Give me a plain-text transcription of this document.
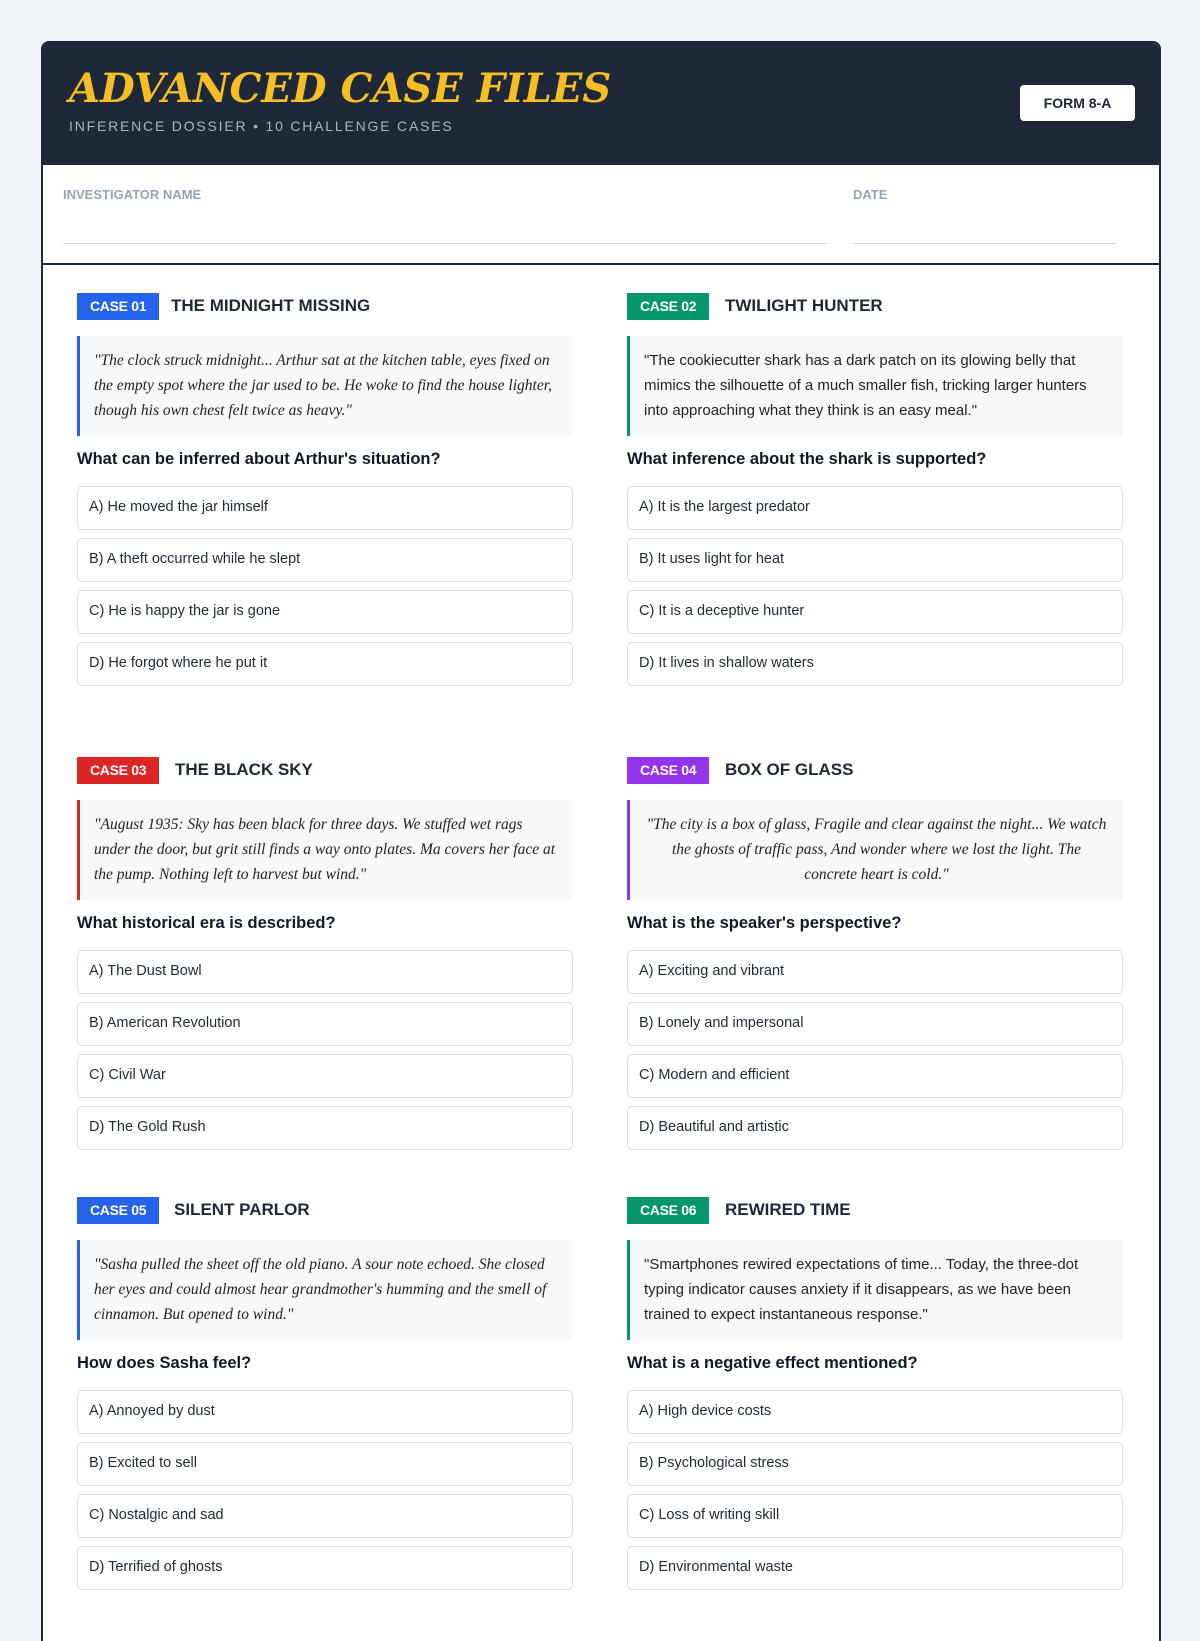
ADVANCED CASE FILES
INFERENCE DOSSIER • 10 CHALLENGE CASES
FORM 8-A
INVESTIGATOR NAME	DATE
CASE 01	THE MIDNIGHT MISSING
"The clock struck midnight... Arthur sat at the kitchen table, eyes fixed on the empty spot where the jar used to be. He woke to find the house lighter, though his own chest felt twice as heavy."
What can be inferred about Arthur's situation?
A) He moved the jar himself
B) A theft occurred while he slept
C) He is happy the jar is gone
D) He forgot where he put it
CASE 02	TWILIGHT HUNTER
"The cookiecutter shark has a dark patch on its glowing belly that mimics the silhouette of a much smaller fish, tricking larger hunters into approaching what they think is an easy meal."
What inference about the shark is supported?
A) It is the largest predator
B) It uses light for heat
C) It is a deceptive hunter
D) It lives in shallow waters
CASE 03	THE BLACK SKY
"August 1935: Sky has been black for three days. We stuffed wet rags under the door, but grit still finds a way onto plates. Ma covers her face at the pump. Nothing left to harvest but wind."
What historical era is described?
A) The Dust Bowl
B) American Revolution
C) Civil War
D) The Gold Rush
CASE 04	BOX OF GLASS
"The city is a box of glass, Fragile and clear against the night... We watch the ghosts of traffic pass, And wonder where we lost the light. The concrete heart is cold."
What is the speaker's perspective?
A) Exciting and vibrant
B) Lonely and impersonal
C) Modern and efficient
D) Beautiful and artistic
CASE 05	SILENT PARLOR
"Sasha pulled the sheet off the old piano. A sour note echoed. She closed her eyes and could almost hear grandmother's humming and the smell of cinnamon. But opened to wind."
How does Sasha feel?
A) Annoyed by dust
B) Excited to sell
C) Nostalgic and sad
D) Terrified of ghosts
CASE 06	REWIRED TIME
"Smartphones rewired expectations of time... Today, the three-dot typing indicator causes anxiety if it disappears, as we have been trained to expect instantaneous response."
What is a negative effect mentioned?
A) High device costs
B) Psychological stress
C) Loss of writing skill
D) Environmental waste
